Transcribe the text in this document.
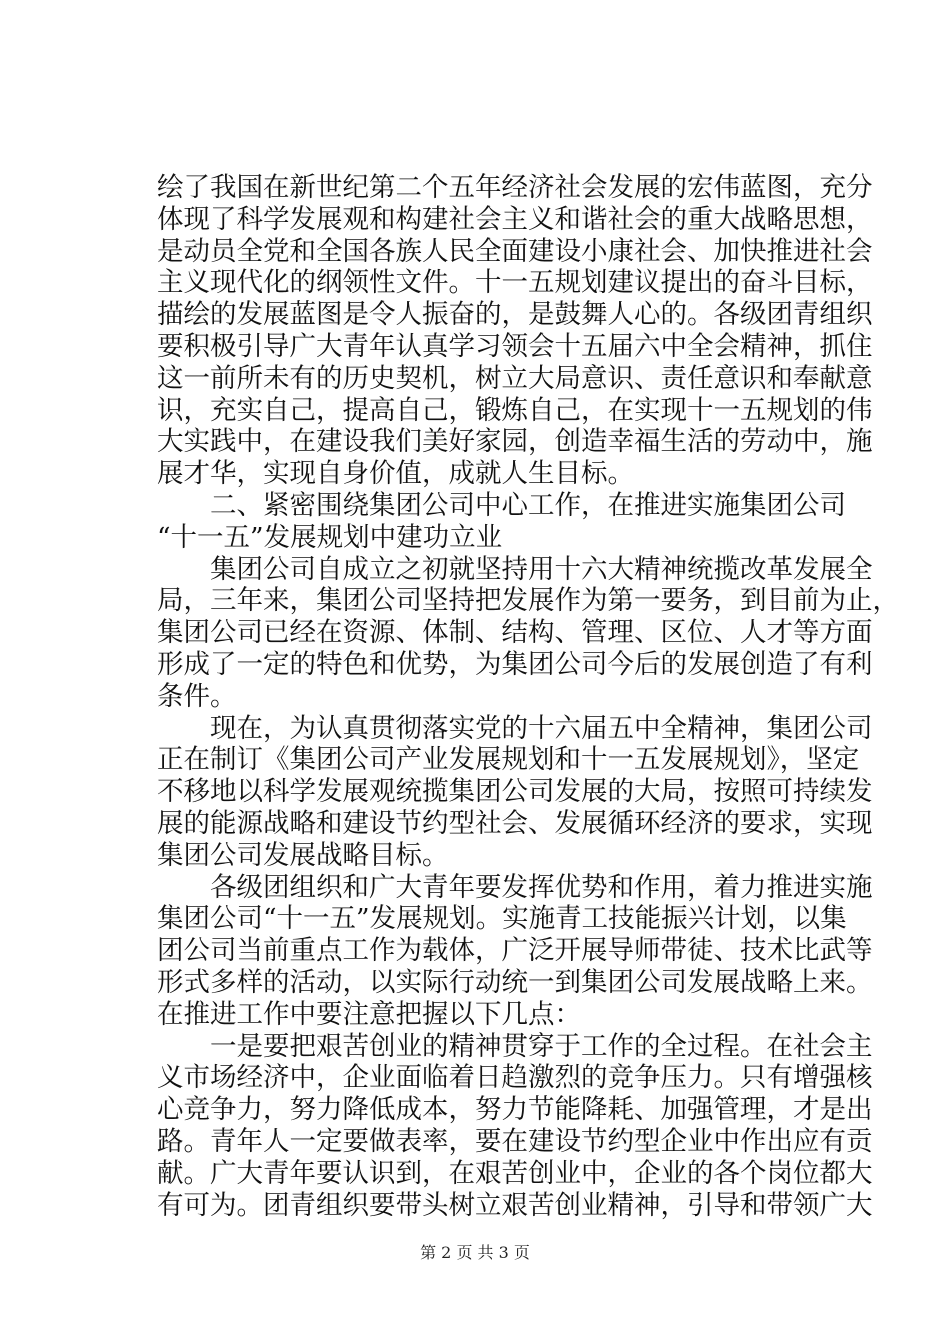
绘了我国在新世纪第二个五年经济社会发展的宏伟蓝图，充分
体现了科学发展观和构建社会主义和谐社会的重大战略思想，
是动员全党和全国各族人民全面建设小康社会、加快推进社会
主义现代化的纲领性文件。十一五规划建议提出的奋斗目标，
描绘的发展蓝图是令人振奋的，是鼓舞人心的。各级团青组织
要积极引导广大青年认真学习领会十五届六中全会精神，抓住
这一前所未有的历史契机，树立大局意识、责任意识和奉献意
识，充实自己，提高自己，锻炼自己，在实现十一五规划的伟
大实践中，在建设我们美好家园，创造幸福生活的劳动中，施
展才华，实现自身价值，成就人生目标。
　　二、紧密围绕集团公司中心工作，在推进实施集团公司
“十一五”发展规划中建功立业
　　集团公司自成立之初就坚持用十六大精神统揽改革发展全
局，三年来，集团公司坚持把发展作为第一要务，到目前为止，
集团公司已经在资源、体制、结构、管理、区位、人才等方面
形成了一定的特色和优势，为集团公司今后的发展创造了有利
条件。
　　现在，为认真贯彻落实党的十六届五中全精神，集团公司
正在制订《集团公司产业发展规划和十一五发展规划》，坚定
不移地以科学发展观统揽集团公司发展的大局，按照可持续发
展的能源战略和建设节约型社会、发展循环经济的要求，实现
集团公司发展战略目标。
　　各级团组织和广大青年要发挥优势和作用，着力推进实施
集团公司“十一五”发展规划。实施青工技能振兴计划，以集
团公司当前重点工作为载体，广泛开展导师带徒、技术比武等
形式多样的活动，以实际行动统一到集团公司发展战略上来。
在推进工作中要注意把握以下几点：
　　一是要把艰苦创业的精神贯穿于工作的全过程。在社会主
义市场经济中，企业面临着日趋激烈的竞争压力。只有增强核
心竞争力，努力降低成本，努力节能降耗、加强管理，才是出
路。青年人一定要做表率，要在建设节约型企业中作出应有贡
献。广大青年要认识到，在艰苦创业中，企业的各个岗位都大
有可为。团青组织要带头树立艰苦创业精神，引导和带领广大
第 2 页 共 3 页
